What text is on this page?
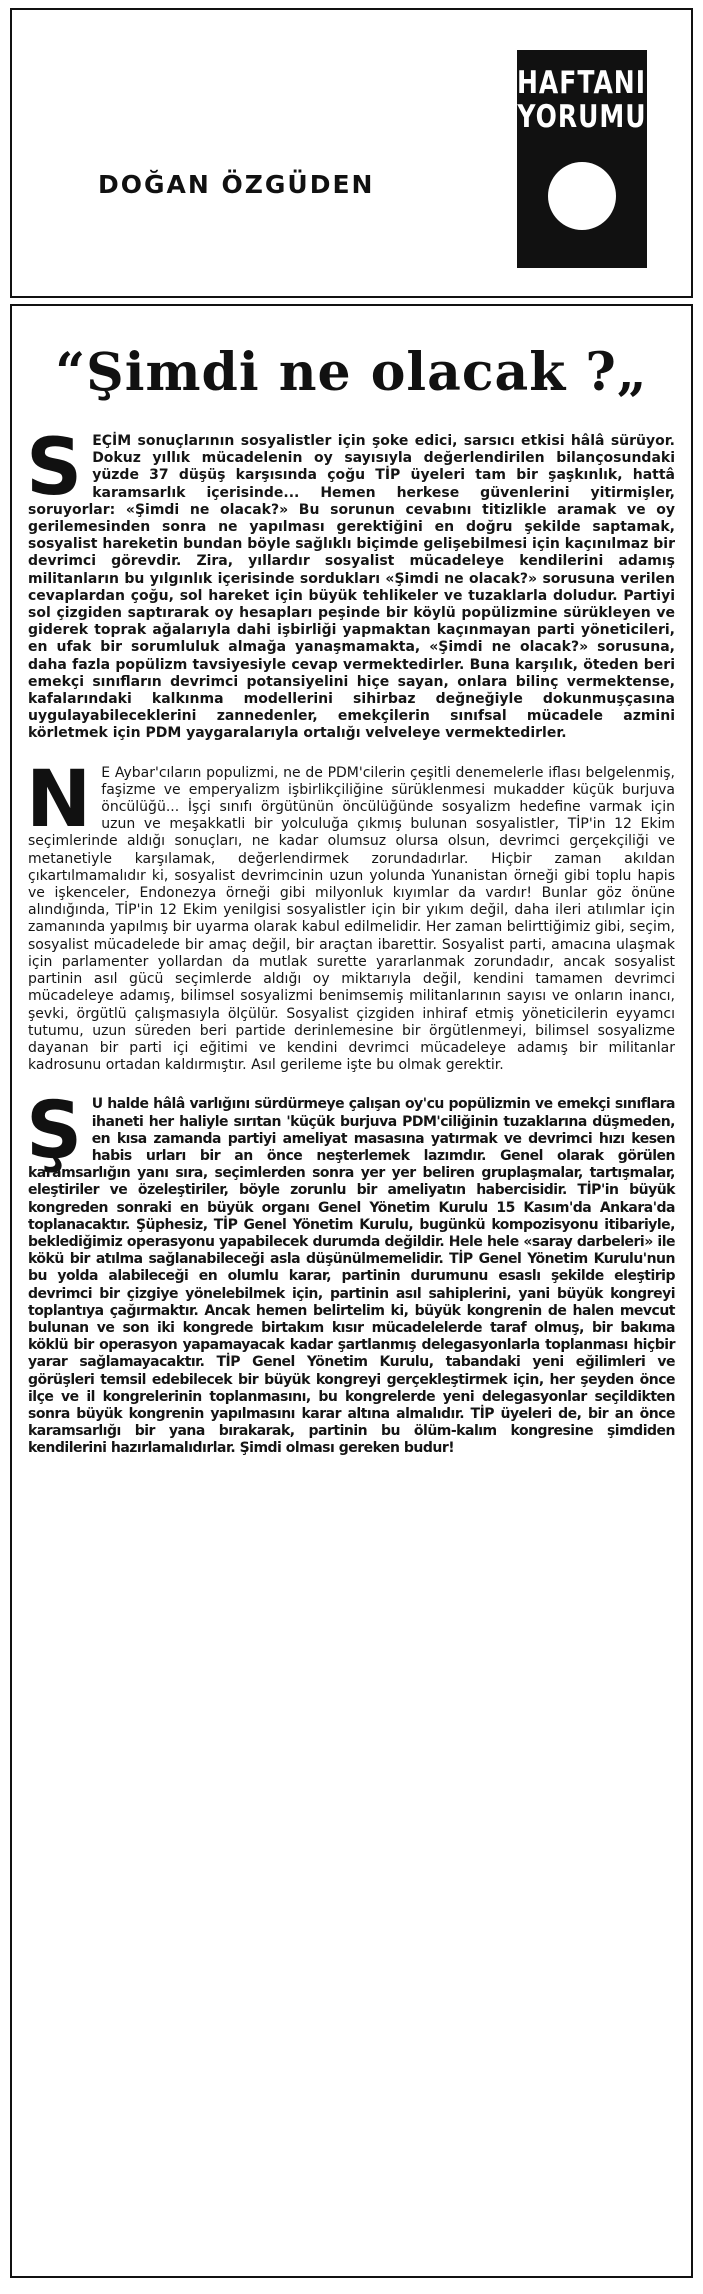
DOĞAN ÖZGÜDEN
HAFTANIN
YORUMU
“Şimdi ne olacak ?„

S EÇİM sonuçlarının sosyalistler için şoke edici, sarsıcı etkisi hâlâ sürüyor. Dokuz yıllık mücadelenin oy sayısıyla değerlendirilen bilançosundaki yüzde 37 düşüş karşısında çoğu TİP üyeleri tam bir şaşkınlık, hattâ karamsarlık içerisinde... Hemen herkese güvenlerini yitirmişler, soruyorlar: «Şimdi ne olacak?» Bu sorunun cevabını titizlikle aramak ve oy gerilemesinden sonra ne yapılması gerektiğini en doğru şekilde saptamak, sosyalist hareketin bundan böyle sağlıklı biçimde gelişebilmesi için kaçınılmaz bir devrimci görevdir. Zira, yıllardır sosyalist mücadeleye kendilerini adamış militanların bu yılgınlık içerisinde sordukları «Şimdi ne olacak?» sorusuna verilen cevaplardan çoğu, sol hareket için büyük tehlikeler ve tuzaklarla doludur. Partiyi sol çizgiden saptırarak oy hesapları peşinde bir köylü popülizmine sürükleyen ve giderek toprak ağalarıyla dahi işbirliği yapmaktan kaçınmayan parti yöneticileri, en ufak bir sorumluluk almağa yanaşmamakta, «Şimdi ne olacak?» sorusuna, daha fazla popülizm tavsiyesiyle cevap vermektedirler. Buna karşılık, öteden beri emekçi sınıfların devrimci potansiyelini hiçe sayan, onlara bilinç vermektense, kafalarındaki kalkınma modellerini sihirbaz değneğiyle dokunmuşçasına uygulayabileceklerini zannedenler, emekçilerin sınıfsal mücadele azmini körletmek için PDM yaygaralarıyla ortalığı velveleye vermektedirler.

N E Aybar'cıların populizmi, ne de PDM'cilerin çeşitli denemelerle iflası belgelenmiş, faşizme ve emperyalizm işbirlikçiliğine sürüklenmesi mukadder küçük burjuva öncülüğü... İşçi sınıfı örgütünün öncülüğünde sosyalizm hedefine varmak için uzun ve meşakkatli bir yolculuğa çıkmış bulunan sosyalistler, TİP'in 12 Ekim seçimlerinde aldığı sonuçları, ne kadar olumsuz olursa olsun, devrimci gerçekçiliği ve metanetiyle karşılamak, değerlendirmek zorundadırlar. Hiçbir zaman akıldan çıkartılmamalıdır ki, sosyalist devrimcinin uzun yolunda Yunanistan örneği gibi toplu hapis ve işkenceler, Endonezya örneği gibi milyonluk kıyımlar da vardır! Bunlar göz önüne alındığında, TİP'in 12 Ekim yenilgisi sosyalistler için bir yıkım değil, daha ileri atılımlar için zamanında yapılmış bir uyarma olarak kabul edilmelidir. Her zaman belirttiğimiz gibi, seçim, sosyalist mücadelede bir amaç değil, bir araçtan ibarettir. Sosyalist parti, amacına ulaşmak için parlamenter yollardan da mutlak surette yararlanmak zorundadır, ancak sosyalist partinin asıl gücü seçimlerde aldığı oy miktarıyla değil, kendini tamamen devrimci mücadeleye adamış, bilimsel sosyalizmi benimsemiş militanlarının sayısı ve onların inancı, şevki, örgütlü çalışmasıyla ölçülür. Sosyalist çizgiden inhiraf etmiş yöneticilerin eyyamcı tutumu, uzun süreden beri partide derinlemesine bir örgütlenmeyi, bilimsel sosyalizme dayanan bir parti içi eğitimi ve kendini devrimci mücadeleye adamış bir militanlar kadrosunu ortadan kaldırmıştır. Asıl gerileme işte bu olmak gerektir.

Ş U halde hâlâ varlığını sürdürmeye çalışan oy'cu popülizmin ve emekçi sınıflara ihaneti her haliyle sırıtan 'küçük burjuva PDM'ciliğinin tuzaklarına düşmeden, en kısa zamanda partiyi ameliyat masasına yatırmak ve devrimci hızı kesen habis urları bir an önce neşterlemek lazımdır. Genel olarak görülen karamsarlığın yanı sıra, seçimlerden sonra yer yer beliren gruplaşmalar, tartışmalar, eleştiriler ve özeleştiriler, böyle zorunlu bir ameliyatın habercisidir. TİP'in büyük kongreden sonraki en büyük organı Genel Yönetim Kurulu 15 Kasım'da Ankara'da toplanacaktır. Şüphesiz, TİP Genel Yönetim Kurulu, bugünkü kompozisyonu itibariyle, beklediğimiz operasyonu yapabilecek durumda değildir. Hele hele «saray darbeleri» ile kökü bir atılma sağlanabileceği asla düşünülmemelidir. TİP Genel Yönetim Kurulu'nun bu yolda alabileceği en olumlu karar, partinin durumunu esaslı şekilde eleştirip devrimci bir çizgiye yönelebilmek için, partinin asıl sahiplerini, yani büyük kongreyi toplantıya çağırmaktır. Ancak hemen belirtelim ki, büyük kongrenin de halen mevcut bulunan ve son iki kongrede birtakım kısır mücadelelerde taraf olmuş, bir bakıma köklü bir operasyon yapamayacak kadar şartlanmış delegasyonlarla toplanması hiçbir yarar sağlamayacaktır. TİP Genel Yönetim Kurulu, tabandaki yeni eğilimleri ve görüşleri temsil edebilecek bir büyük kongreyi gerçekleştirmek için, her şeyden önce ilçe ve il kongrelerinin toplanmasını, bu kongrelerde yeni delegasyonlar seçildikten sonra büyük kongrenin yapılmasını karar altına almalıdır. TİP üyeleri de, bir an önce karamsarlığı bir yana bırakarak, partinin bu ölüm-kalım kongresine şimdiden kendilerini hazırlamalıdırlar. Şimdi olması gereken budur!
